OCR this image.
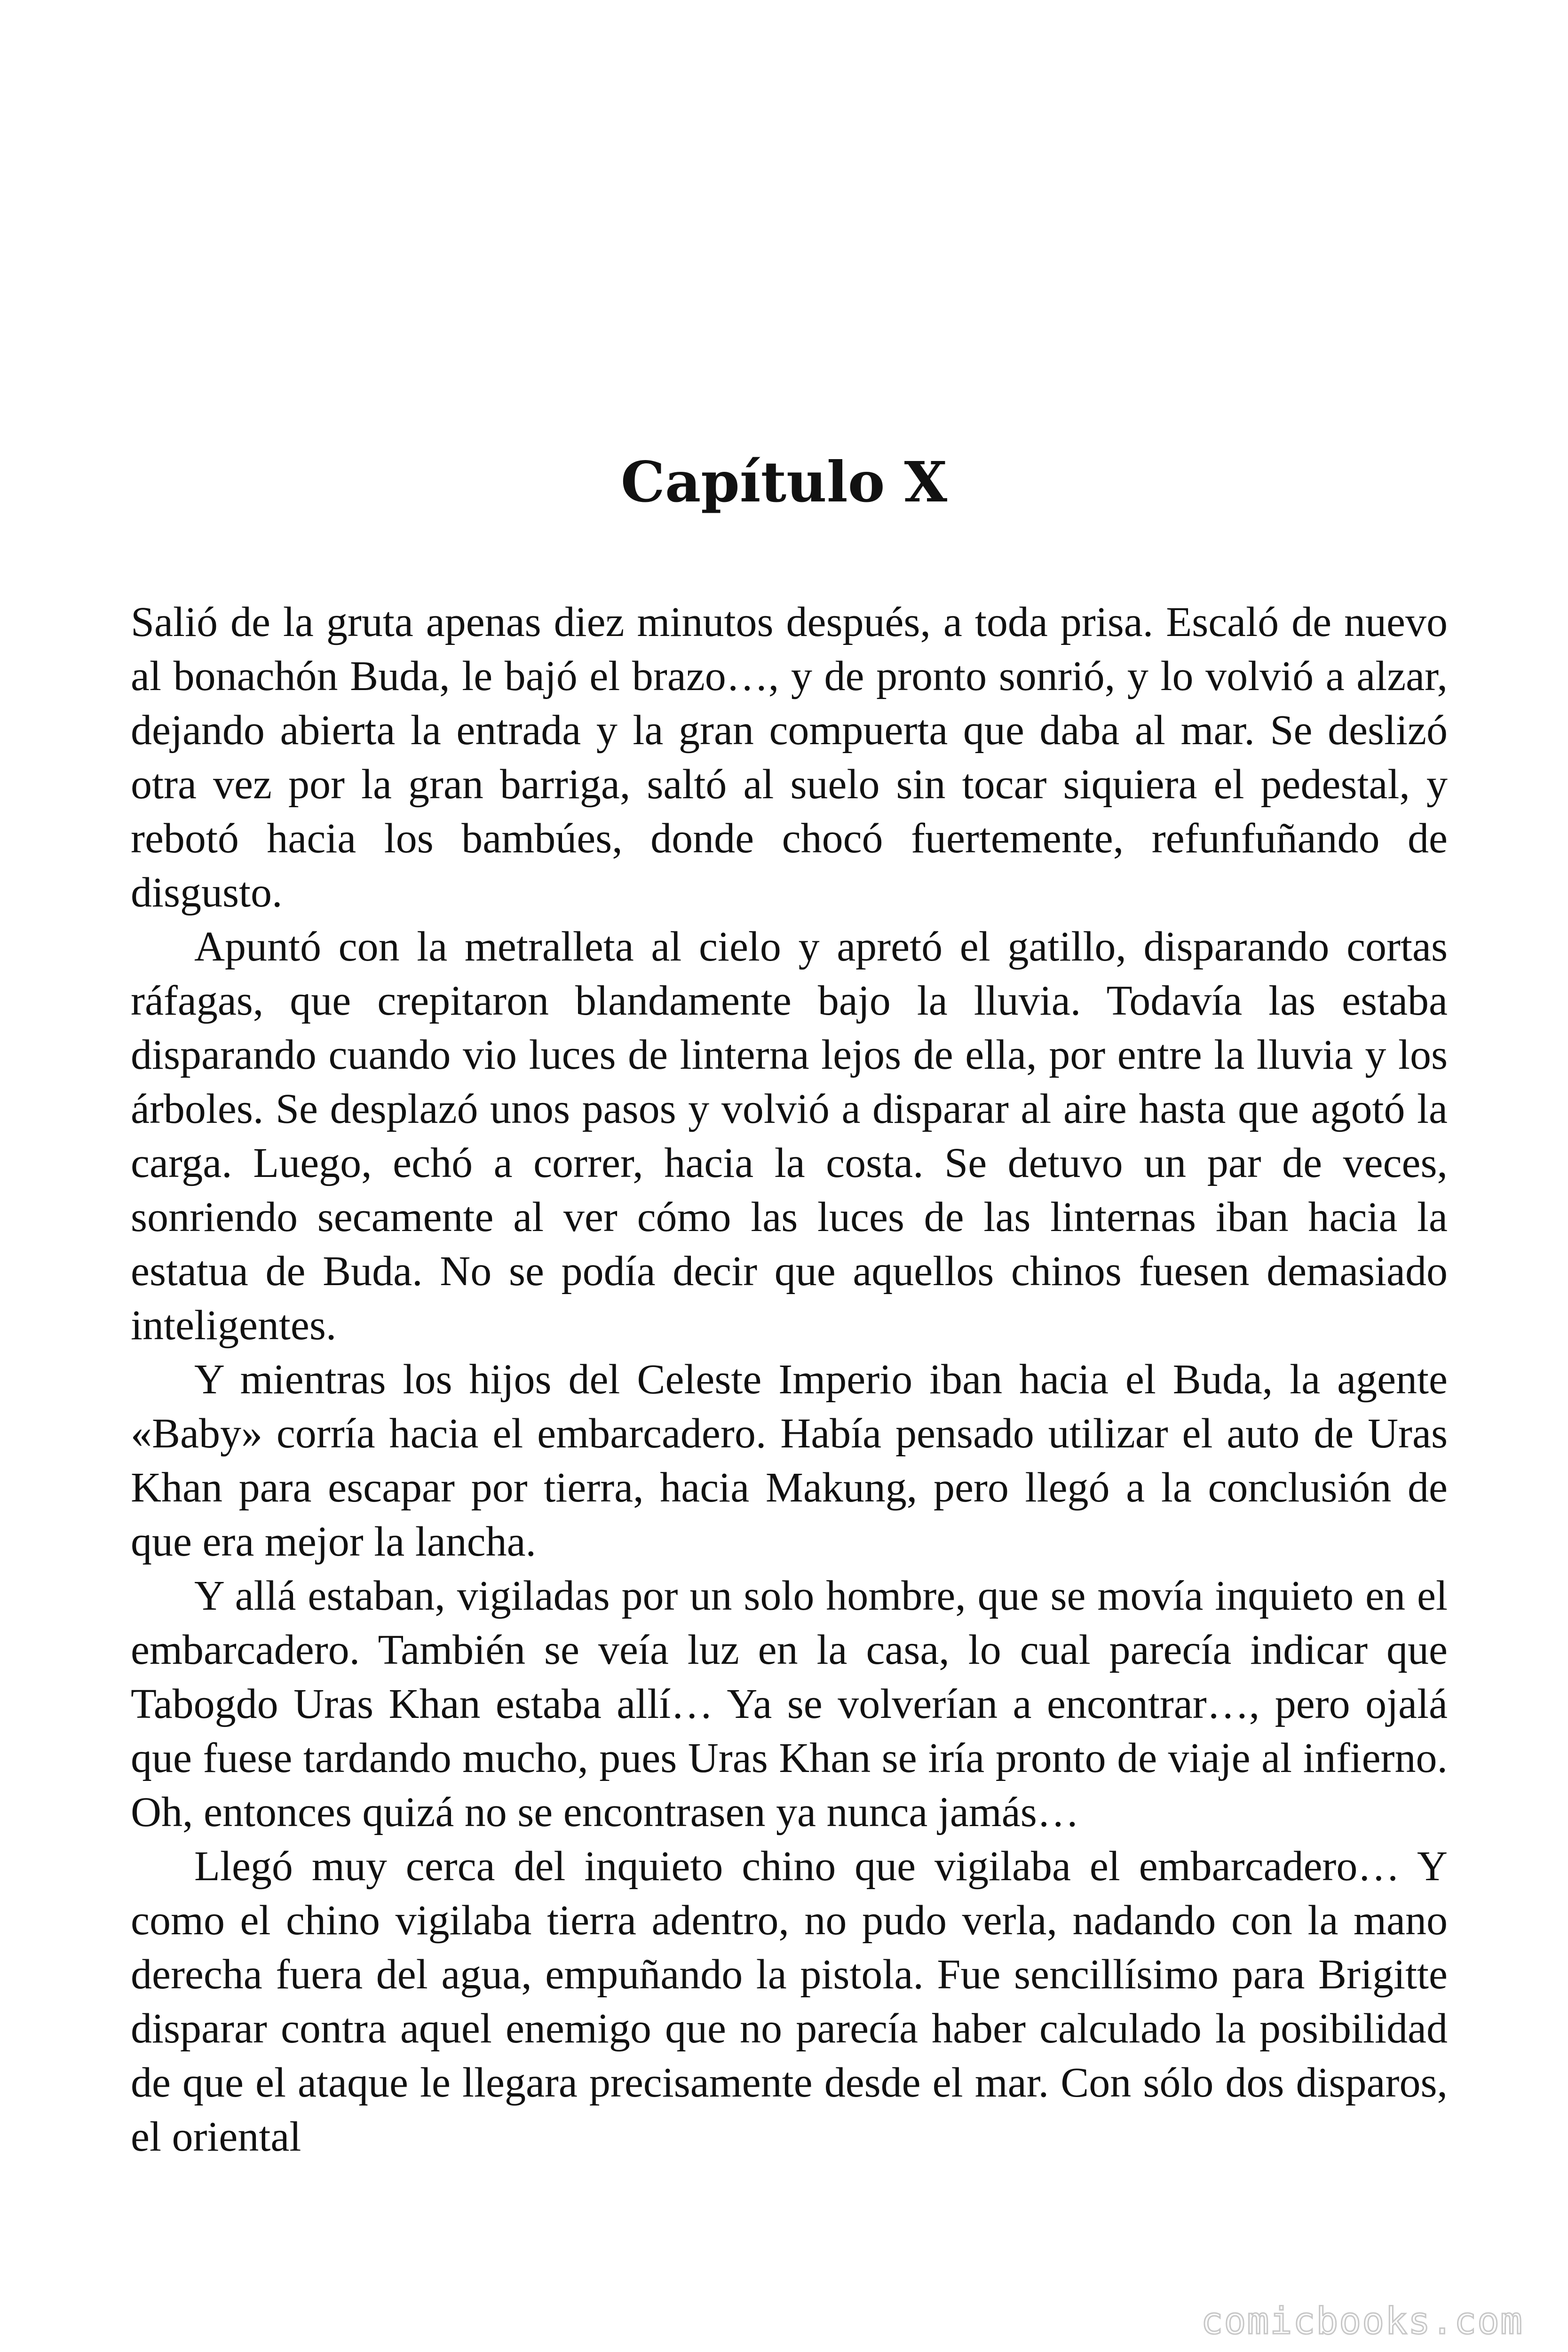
Capítulo X

Salió de la gruta apenas diez minutos después, a toda prisa. Escaló de nuevo al bonachón Buda, le bajó el brazo…, y de pronto sonrió, y lo volvió a alzar, dejando abierta la entrada y la gran compuerta que daba al mar. Se deslizó otra vez por la gran barriga, saltó al suelo sin tocar siquiera el pedestal, y rebotó hacia los bambúes, donde chocó fuertemente, refunfuñando de disgusto.

Apuntó con la metralleta al cielo y apretó el gatillo, disparando cortas ráfagas, que crepitaron blandamente bajo la lluvia. Todavía las estaba disparando cuando vio luces de linterna lejos de ella, por entre la lluvia y los árboles. Se desplazó unos pasos y volvió a disparar al aire hasta que agotó la carga. Luego, echó a correr, hacia la costa. Se detuvo un par de veces, sonriendo secamente al ver cómo las luces de las linternas iban hacia la estatua de Buda. No se podía decir que aquellos chinos fuesen demasiado inteligentes.

Y mientras los hijos del Celeste Imperio iban hacia el Buda, la agente «Baby» corría hacia el embarcadero. Había pensado utilizar el auto de Uras Khan para escapar por tierra, hacia Makung, pero llegó a la conclusión de que era mejor la lancha.

Y allá estaban, vigiladas por un solo hombre, que se movía inquieto en el embarcadero. También se veía luz en la casa, lo cual parecía indicar que Tabogdo Uras Khan estaba allí… Ya se volverían a encontrar…, pero ojalá que fuese tardando mucho, pues Uras Khan se iría pronto de viaje al infierno. Oh, entonces quizá no se encontrasen ya nunca jamás…

Llegó muy cerca del inquieto chino que vigilaba el embarcadero… Y como el chino vigilaba tierra adentro, no pudo verla, nadando con la mano derecha fuera del agua, empuñando la pistola. Fue sencillísimo para Brigitte disparar contra aquel enemigo que no parecía haber calculado la posibilidad de que el ataque le llegara precisamente desde el mar. Con sólo dos disparos, el oriental

comicbooks.com
